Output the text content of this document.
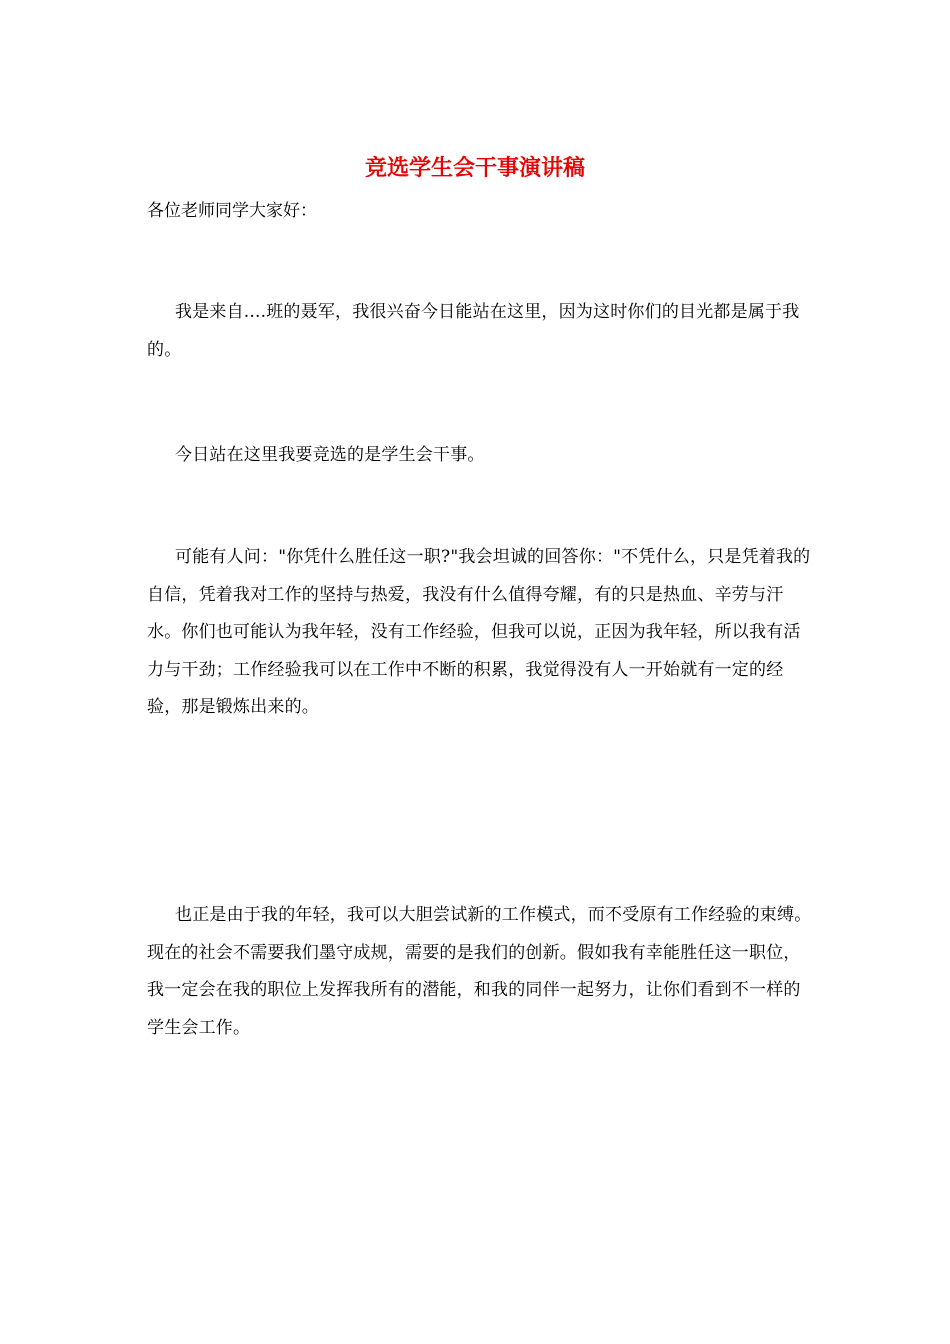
竞选学生会干事演讲稿

各位老师同学大家好：

我是来自....班的聂军，我很兴奋今日能站在这里，因为这时你们的目光都是属于我的。

今日站在这里我要竞选的是学生会干事。

可能有人问："你凭什么胜任这一职?"我会坦诚的回答你："不凭什么，只是凭着我的自信，凭着我对工作的坚持与热爱，我没有什么值得夸耀，有的只是热血、辛劳与汗水。你们也可能认为我年轻，没有工作经验，但我可以说，正因为我年轻，所以我有活力与干劲；工作经验我可以在工作中不断的积累，我觉得没有人一开始就有一定的经验，那是锻炼出来的。

也正是由于我的年轻，我可以大胆尝试新的工作模式，而不受原有工作经验的束缚。现在的社会不需要我们墨守成规，需要的是我们的创新。假如我有幸能胜任这一职位，我一定会在我的职位上发挥我所有的潜能，和我的同伴一起努力，让你们看到不一样的学生会工作。
